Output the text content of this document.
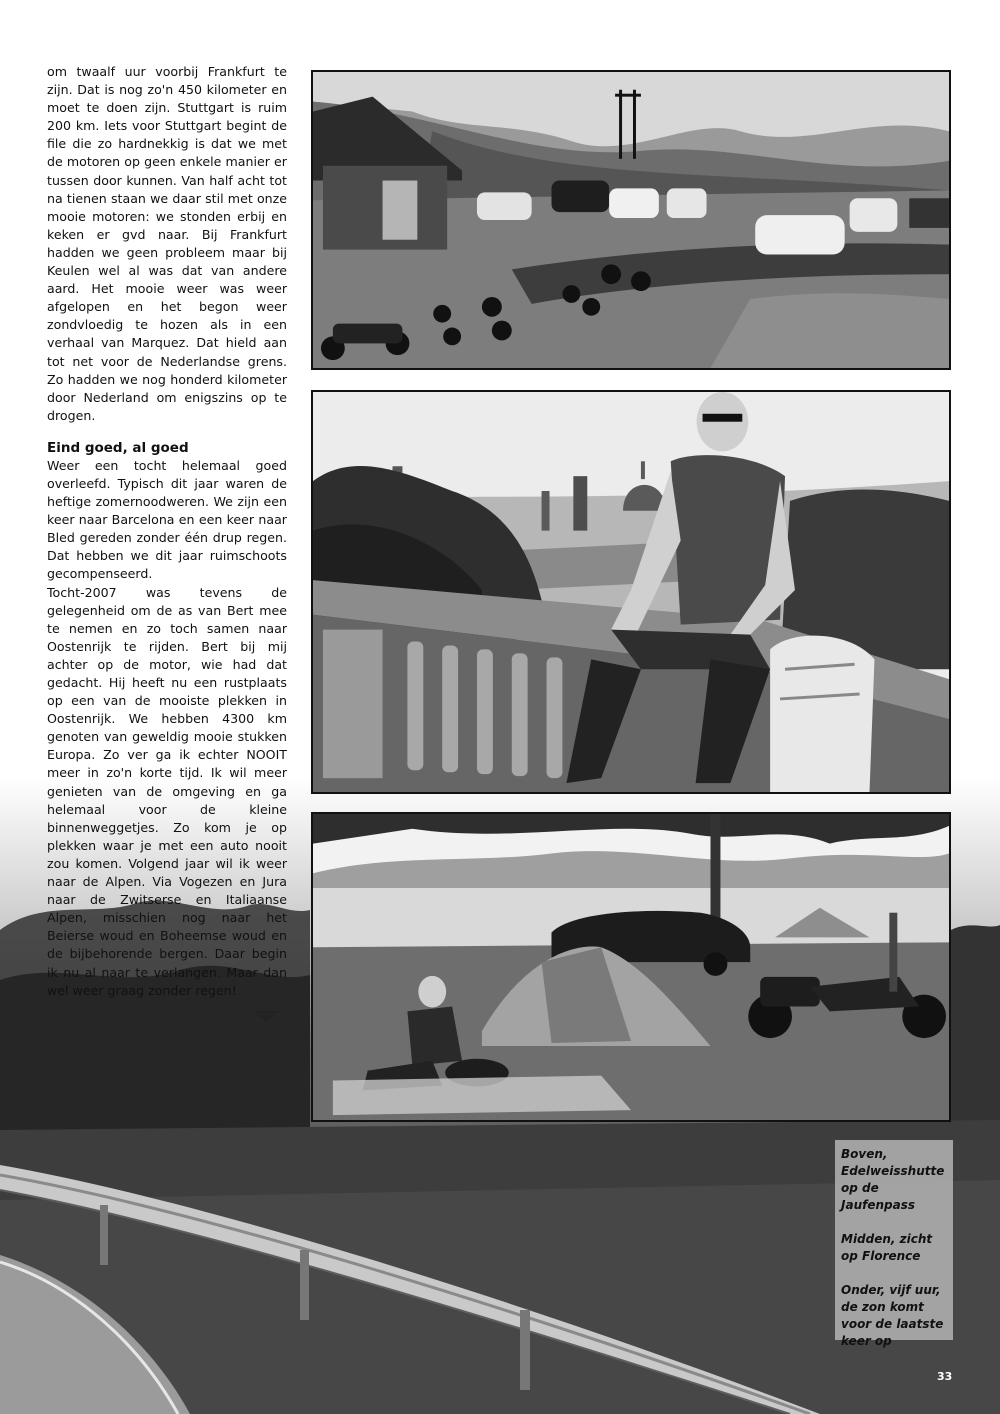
om twaalf uur voorbij Frankfurt te zijn. Dat is nog zo'n 450 kilometer en moet te doen zijn. Stuttgart is ruim 200 km. Iets voor Stuttgart begint de file die zo hardnekkig is dat we met de motoren op geen enkele manier er tussen door kunnen. Van half acht tot na tienen staan we daar stil met onze mooie motoren: we stonden erbij en keken er gvd naar. Bij Frankfurt hadden we geen probleem maar bij Keulen wel al was dat van andere aard. Het mooie weer was weer afgelopen en het begon weer zondvloedig te hozen als in een verhaal van Marquez. Dat hield aan tot net voor de Nederlandse grens. Zo hadden we nog honderd kilometer door Nederland om enigszins op te drogen.

Eind goed, al goed

Weer een tocht helemaal goed overleefd. Typisch dit jaar waren de heftige zomernoodweren. We zijn een keer naar Barcelona en een keer naar Bled gereden zonder één drup regen. Dat hebben we dit jaar ruimschoots gecompenseerd.

Tocht-2007 was tevens de gelegenheid om de as van Bert mee te nemen en zo toch samen naar Oostenrijk te rijden. Bert bij mij achter op de motor, wie had dat gedacht. Hij heeft nu een rustplaats op een van de mooiste plekken in Oostenrijk. We hebben 4300 km genoten van geweldig mooie stukken Europa. Zo ver ga ik echter NOOIT meer in zo'n korte tijd. Ik wil meer genieten van de omgeving en ga helemaal voor de kleine binnenweggetjes. Zo kom je op plekken waar je met een auto nooit zou komen. Volgend jaar wil ik weer naar de Alpen. Via Vogezen en Jura naar de Zwitserse en Italiaanse Alpen, misschien nog naar het Beierse woud en Boheemse woud en de bijbehorende bergen. Daar begin ik nu al naar te verlangen. Maar dan wel weer graag zonder regen!

Boven, Edelweisshutte op de Jaufenpass

Midden, zicht op Florence

Onder, vijf uur, de zon komt voor de laatste keer op

33
